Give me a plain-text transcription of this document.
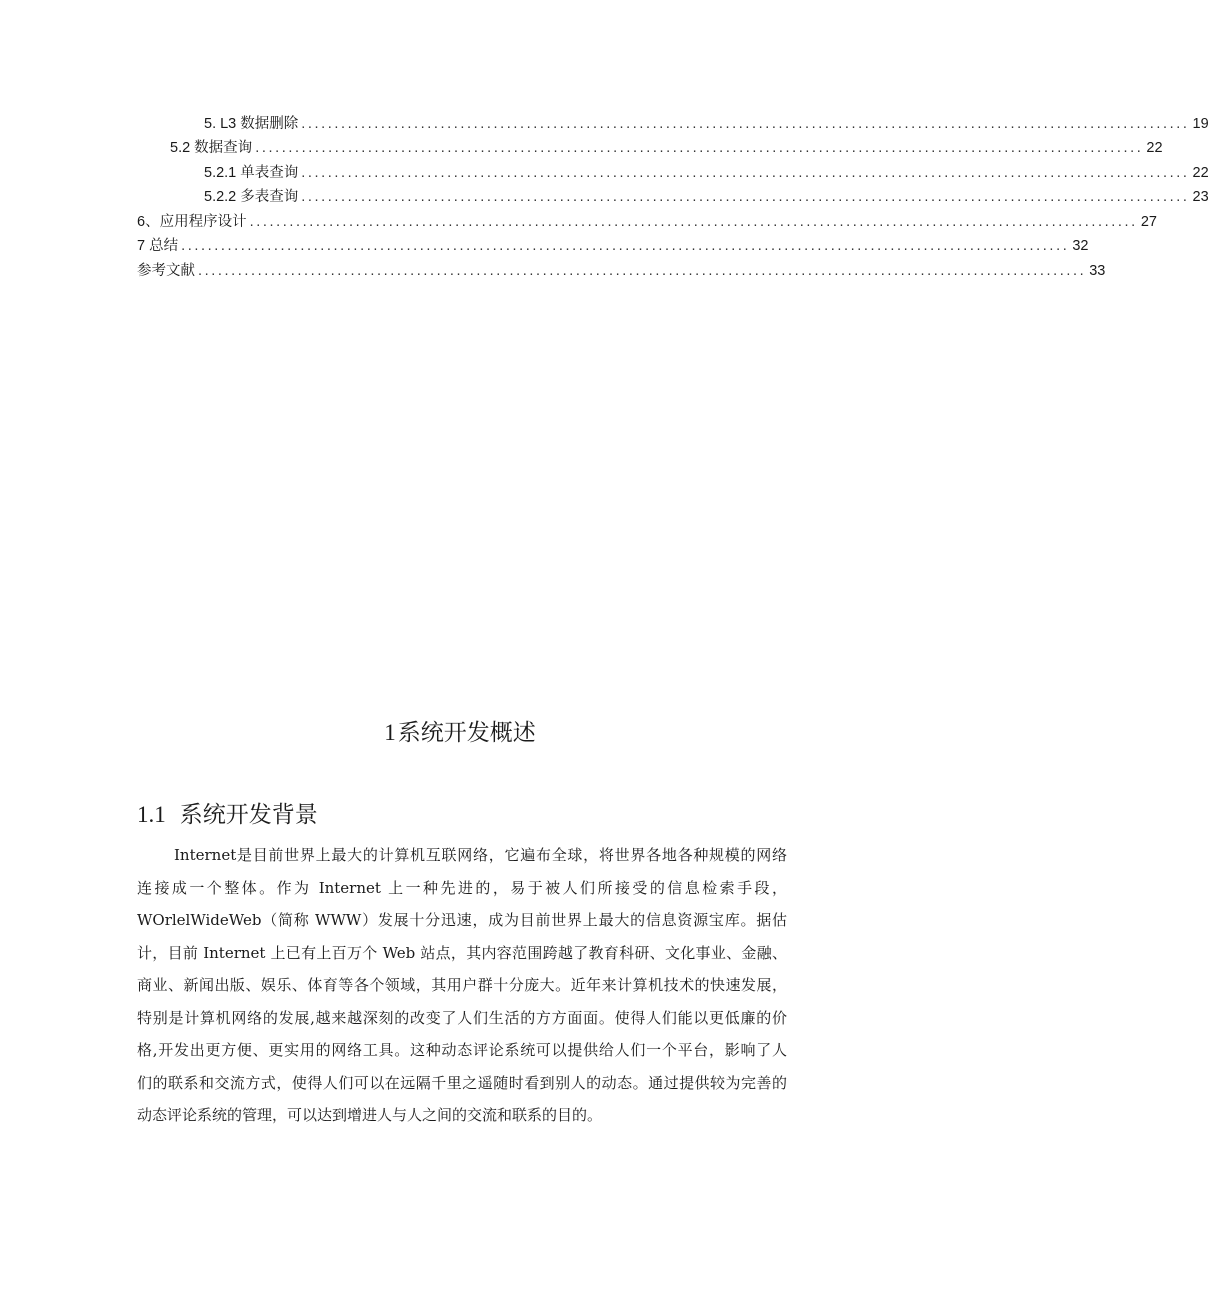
5. L3 数据删除 ...................................................................................................................................... 19
5.2 数据查询 ...................................................................................................................................... 22
5.2.1 单表查询 ...................................................................................................................................... 22
5.2.2 多表查询 ...................................................................................................................................... 23
6、应用程序设计 ...................................................................................................................................... 27
7 总结 ...................................................................................................................................... 32
参考文献 ...................................................................................................................................... 33
1系统开发概述
1.1 系统开发背景
Internet是目前世界上最大的计算机互联网络，它遍布全球，将世界各地各种规模的网络
连接成一个整体。作为 Internet 上一种先进的，易于被人们所接受的信息检索手段，
WOrlelWideWeb（简称 WWW）发展十分迅速，成为目前世界上最大的信息资源宝库。据估
计，目前 Internet 上已有上百万个 Web 站点，其内容范围跨越了教育科研、文化事业、金融、
商业、新闻出版、娱乐、体育等各个领域，其用户群十分庞大。近年来计算机技术的快速发展，
特别是计算机网络的发展,越来越深刻的改变了人们生活的方方面面。使得人们能以更低廉的价
格,开发出更方便、更实用的网络工具。这种动态评论系统可以提供给人们一个平台，影响了人
们的联系和交流方式，使得人们可以在远隔千里之遥随时看到别人的动态。通过提供较为完善的
动态评论系统的管理，可以达到增进人与人之间的交流和联系的目的。
